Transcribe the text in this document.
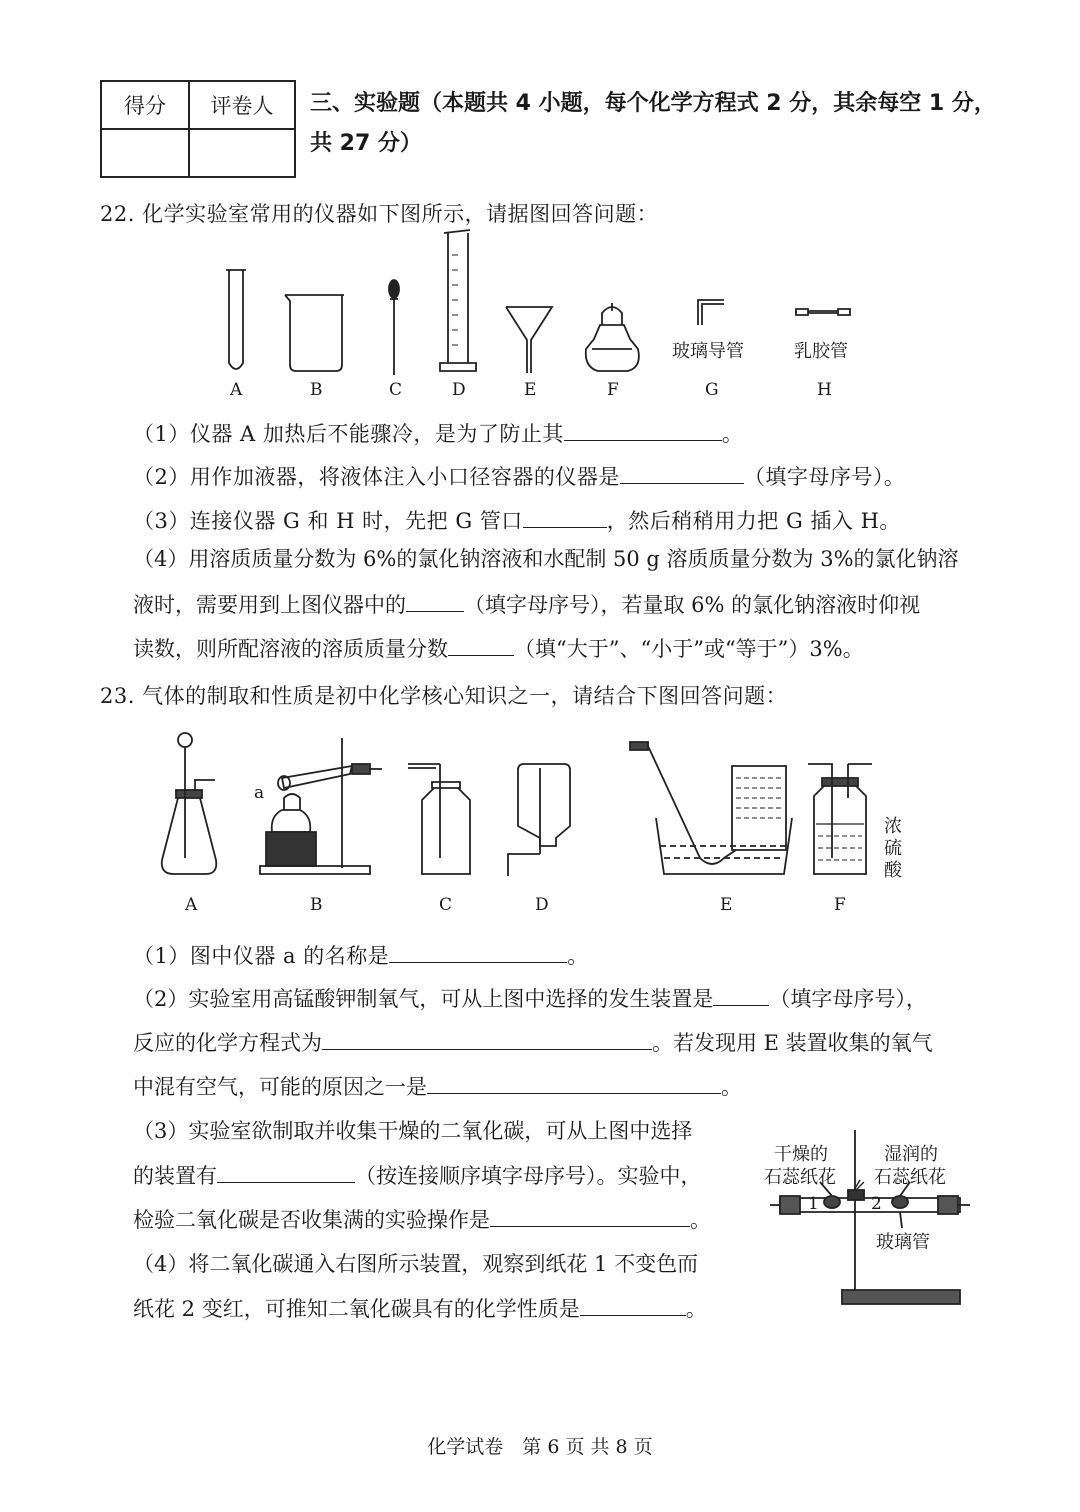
得分	评卷人
	三、实验题（本题共 4 小题，每个化学方程式 2 分，其余每空 1 分，共 27 分）
22. 化学实验室常用的仪器如下图所示，请据图回答问题：
玻璃导管	乳胶管
A	B	C	D	E	F	G	H
（1）仪器 A 加热后不能骤冷，是为了防止其	。
（2）用作加液器，将液体注入小口径容器的仪器是	（填字母序号）。
（3）连接仪器 G 和 H 时，先把 G 管口	，然后稍稍用力把 G 插入 H。
（4）用溶质质量分数为 6%的氯化钠溶液和水配制 50 g 溶质质量分数为 3%的氯化钠溶
液时，需要用到上图仪器中的	（填字母序号），若量取 6% 的氯化钠溶液时仰视
读数，则所配溶液的溶质质量分数	（填“大于”、“小于”或“等于”）3%。
23. 气体的制取和性质是初中化学核心知识之一，请结合下图回答问题：
a
浓
硫
酸
A	B	C	D	E	F
（1）图中仪器 a 的名称是	。
（2）实验室用高锰酸钾制氧气，可从上图中选择的发生装置是	（填字母序号），
反应的化学方程式为	。若发现用 E 装置收集的氧气
中混有空气，可能的原因之一是	。
（3）实验室欲制取并收集干燥的二氧化碳，可从上图中选择
的装置有	（按连接顺序填字母序号）。实验中，
检验二氧化碳是否收集满的实验操作是	。
（4）将二氧化碳通入右图所示装置，观察到纸花 1 不变色而
纸花 2 变红，可推知二氧化碳具有的化学性质是	。
干燥的
石蕊纸花
湿润的
石蕊纸花
1	2
玻璃管
化学试卷　第 6 页 共 8 页
